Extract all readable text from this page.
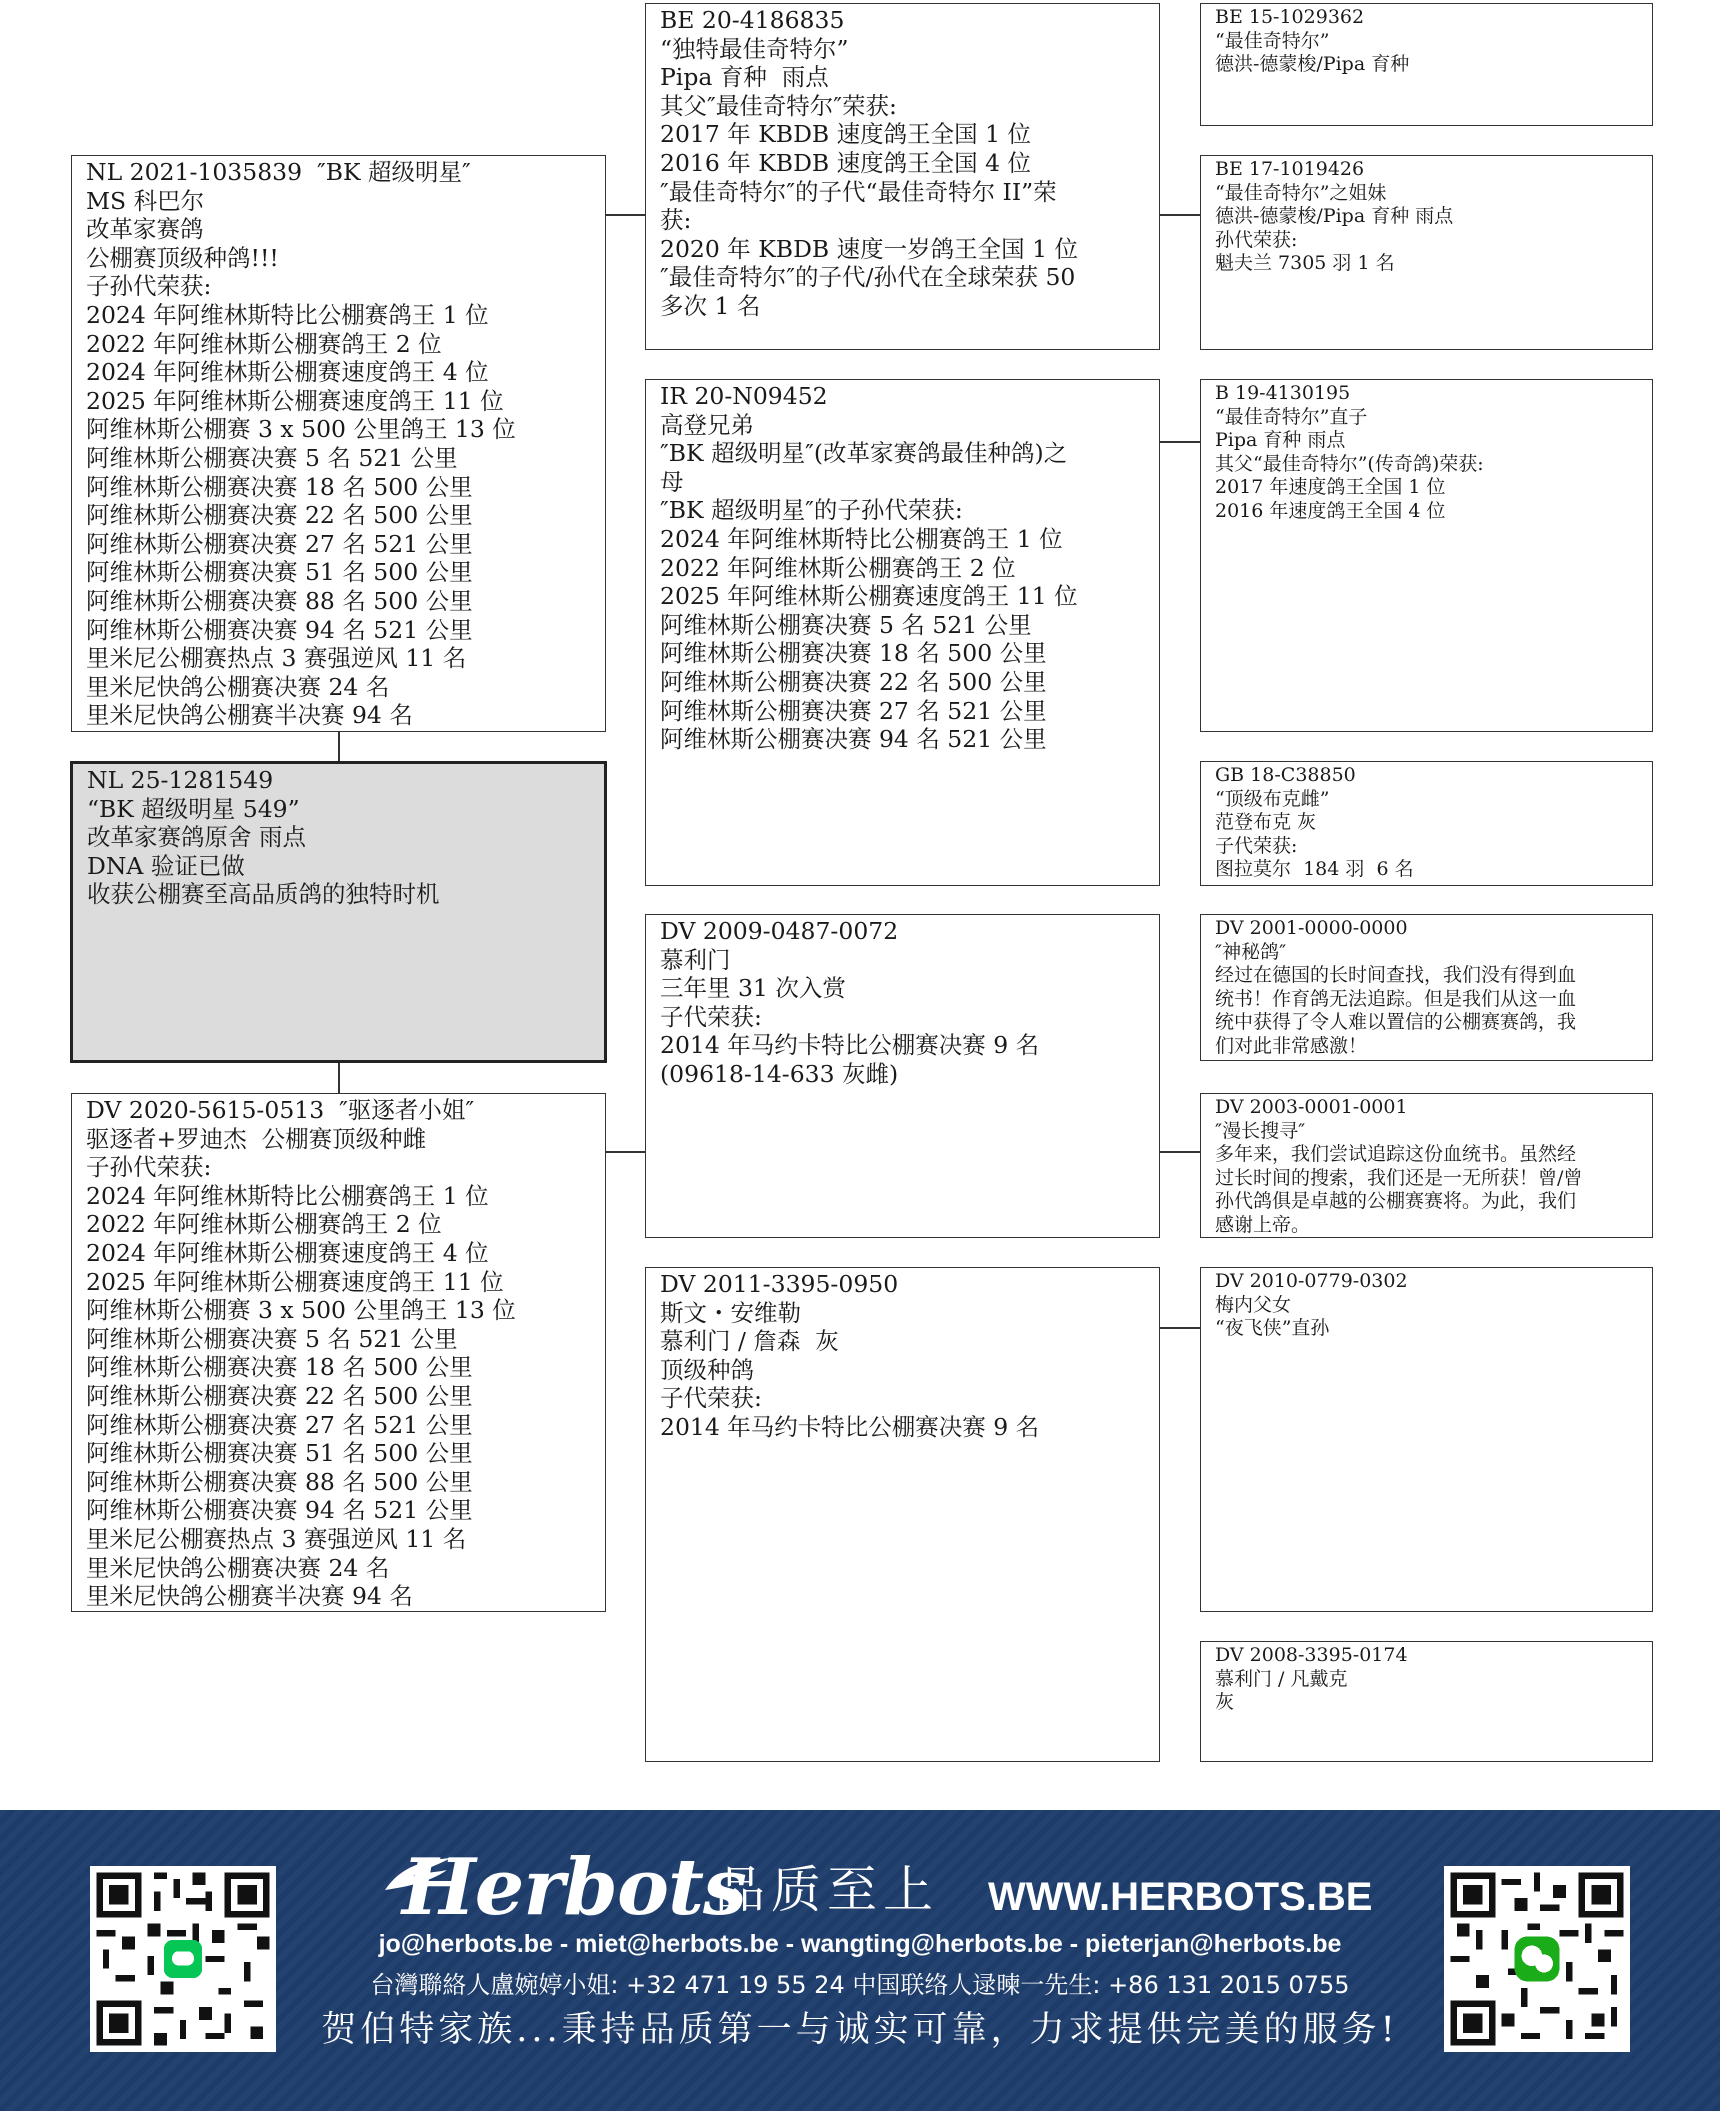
NL 2021-1035839  ″BK 超级明星″
MS 科巴尔
改革家赛鸽
公棚赛顶级种鸽!!!
子孙代荣获:
2024 年阿维林斯特比公棚赛鸽王 1 位
2022 年阿维林斯公棚赛鸽王 2 位
2024 年阿维林斯公棚赛速度鸽王 4 位
2025 年阿维林斯公棚赛速度鸽王 11 位
阿维林斯公棚赛 3 x 500 公里鸽王 13 位
阿维林斯公棚赛决赛 5 名 521 公里
阿维林斯公棚赛决赛 18 名 500 公里
阿维林斯公棚赛决赛 22 名 500 公里
阿维林斯公棚赛决赛 27 名 521 公里
阿维林斯公棚赛决赛 51 名 500 公里
阿维林斯公棚赛决赛 88 名 500 公里
阿维林斯公棚赛决赛 94 名 521 公里
里米尼公棚赛热点 3 赛强逆风 11 名
里米尼快鸽公棚赛决赛 24 名
里米尼快鸽公棚赛半决赛 94 名
NL 25-1281549
“BK 超级明星 549”
改革家赛鸽原舍 雨点
DNA 验证已做
收获公棚赛至高品质鸽的独特时机
DV 2020-5615-0513  ″驱逐者小姐″
驱逐者+罗迪杰  公棚赛顶级种雌
子孙代荣获:
2024 年阿维林斯特比公棚赛鸽王 1 位
2022 年阿维林斯公棚赛鸽王 2 位
2024 年阿维林斯公棚赛速度鸽王 4 位
2025 年阿维林斯公棚赛速度鸽王 11 位
阿维林斯公棚赛 3 x 500 公里鸽王 13 位
阿维林斯公棚赛决赛 5 名 521 公里
阿维林斯公棚赛决赛 18 名 500 公里
阿维林斯公棚赛决赛 22 名 500 公里
阿维林斯公棚赛决赛 27 名 521 公里
阿维林斯公棚赛决赛 51 名 500 公里
阿维林斯公棚赛决赛 88 名 500 公里
阿维林斯公棚赛决赛 94 名 521 公里
里米尼公棚赛热点 3 赛强逆风 11 名
里米尼快鸽公棚赛决赛 24 名
里米尼快鸽公棚赛半决赛 94 名
BE 20-4186835
“独特最佳奇特尔”
Pipa 育种  雨点
其父″最佳奇特尔″荣获:
2017 年 KBDB 速度鸽王全国 1 位
2016 年 KBDB 速度鸽王全国 4 位
″最佳奇特尔″的子代“最佳奇特尔 II”荣
获:
2020 年 KBDB 速度一岁鸽王全国 1 位
″最佳奇特尔″的子代/孙代在全球荣获 50
多次 1 名
IR 20-N09452
高登兄弟
″BK 超级明星″(改革家赛鸽最佳种鸽)之
母
″BK 超级明星″的子孙代荣获:
2024 年阿维林斯特比公棚赛鸽王 1 位
2022 年阿维林斯公棚赛鸽王 2 位
2025 年阿维林斯公棚赛速度鸽王 11 位
阿维林斯公棚赛决赛 5 名 521 公里
阿维林斯公棚赛决赛 18 名 500 公里
阿维林斯公棚赛决赛 22 名 500 公里
阿维林斯公棚赛决赛 27 名 521 公里
阿维林斯公棚赛决赛 94 名 521 公里
DV 2009-0487-0072
慕利门
三年里 31 次入赏
子代荣获:
2014 年马约卡特比公棚赛决赛 9 名
(09618-14-633 灰雌)
DV 2011-3395-0950
斯文・安维勒
慕利门 / 詹森  灰
顶级种鸽
子代荣获:
2014 年马约卡特比公棚赛决赛 9 名
BE 15-1029362
“最佳奇特尔”
德洪-德蒙梭/Pipa 育种
BE 17-1019426
“最佳奇特尔”之姐妹
德洪-德蒙梭/Pipa 育种 雨点
孙代荣获:
魁夫兰 7305 羽 1 名
B 19-4130195
“最佳奇特尔”直子
Pipa 育种 雨点
其父“最佳奇特尔”(传奇鸽)荣获:
2017 年速度鸽王全国 1 位
2016 年速度鸽王全国 4 位
GB 18-C38850
“顶级布克雌”
范登布克 灰
子代荣获:
图拉莫尔  184 羽  6 名
DV 2001-0000-0000
″神秘鸽″
经过在德国的长时间查找，我们没有得到血
统书！作育鸽无法追踪。但是我们从这一血
统中获得了令人难以置信的公棚赛赛鸽，我
们对此非常感激！
DV 2003-0001-0001
″漫长搜寻″
多年来，我们尝试追踪这份血统书。虽然经
过长时间的搜索，我们还是一无所获！曾/曾
孙代鸽俱是卓越的公棚赛赛将。为此，我们
感谢上帝。
DV 2010-0779-0302
梅内父女
“夜飞侠”直孙
DV 2008-3395-0174
慕利门 / 凡戴克
灰
Herbots
品质至上 WWW.HERBOTS.BE
jo@herbots.be - miet@herbots.be - wangting@herbots.be - pieterjan@herbots.be
台灣聯絡人盧婉婷小姐: +32 471 19 55 24 中国联络人逯暕一先生: +86 131 2015 0755
贺伯特家族...秉持品质第一与诚实可靠，力求提供完美的服务!
